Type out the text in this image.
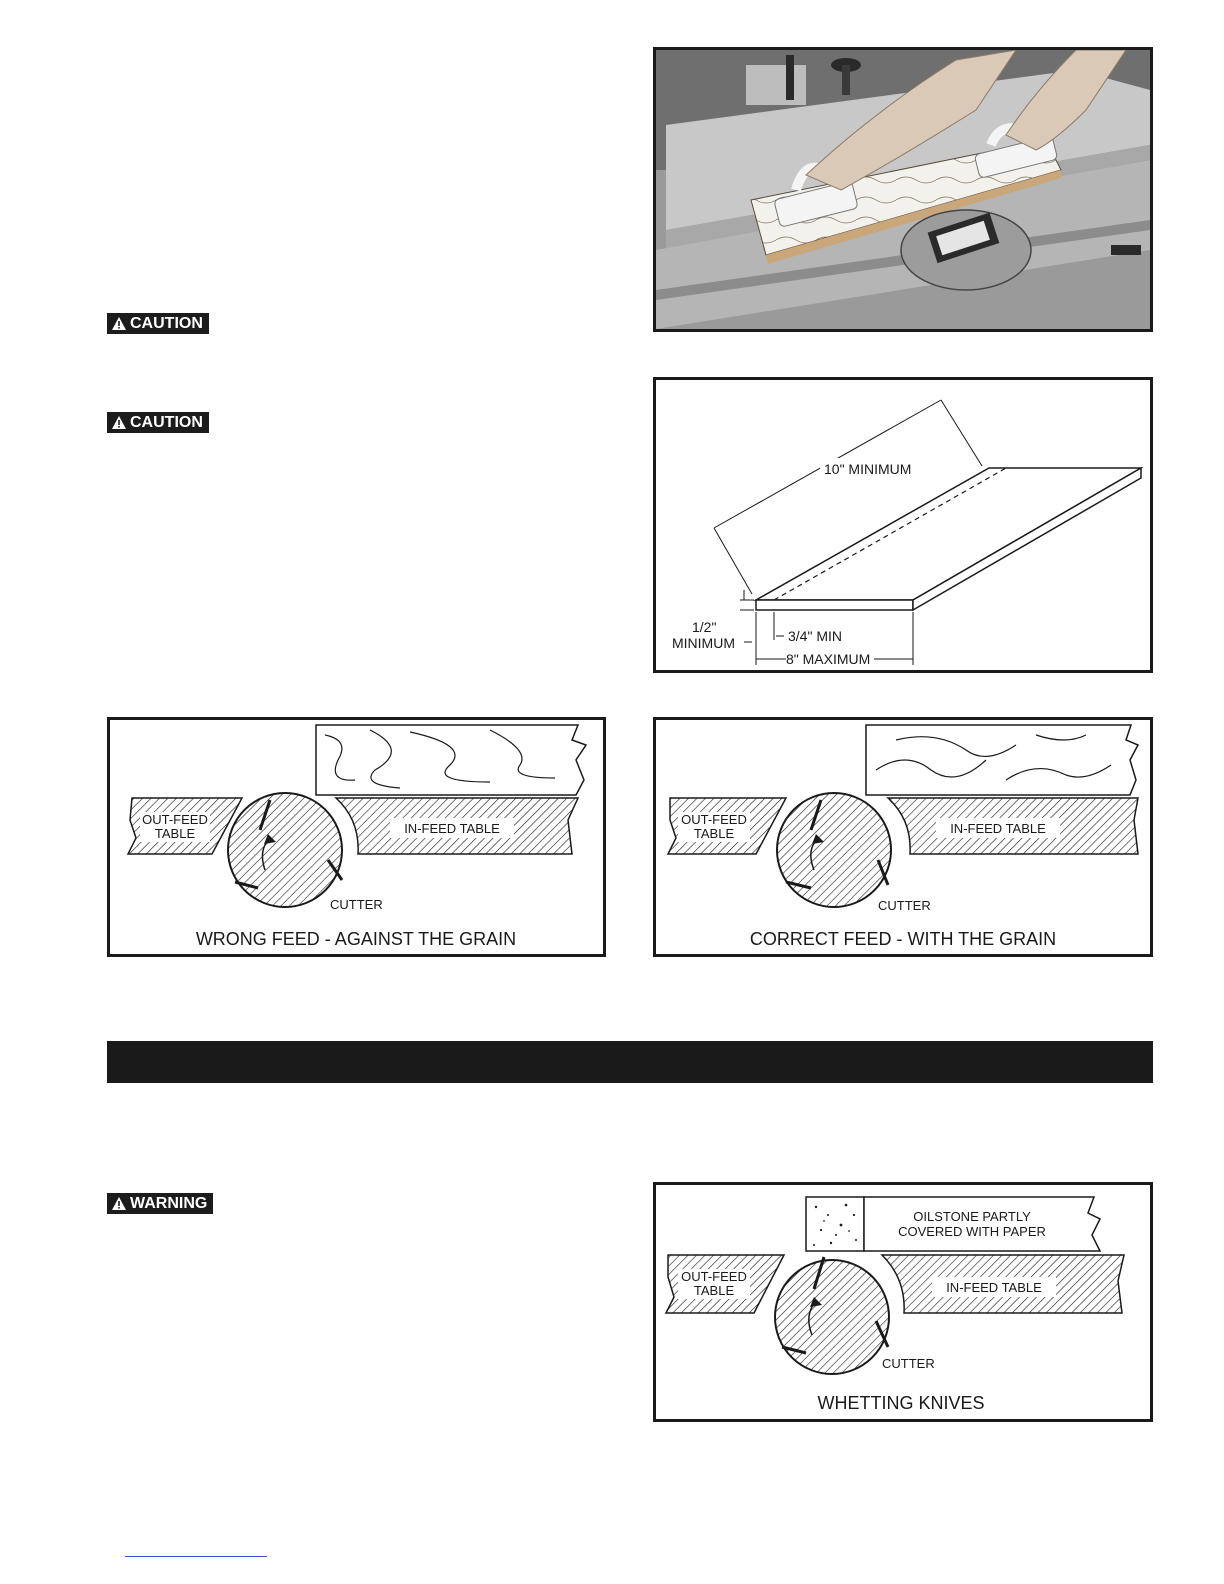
CAUTION
CAUTION
WARNING
10" MINIMUM
1/2"
MINIMUM	3/4" MIN
8" MAXIMUM
OUT-FEED
TABLE	IN-FEED TABLE
CUTTER
WRONG FEED - AGAINST THE GRAIN
OUT-FEED
TABLE	IN-FEED TABLE
CUTTER
CORRECT FEED - WITH THE GRAIN
OILSTONE PARTLY
COVERED WITH PAPER
OUT-FEED
TABLE	IN-FEED TABLE
CUTTER
WHETTING KNIVES
